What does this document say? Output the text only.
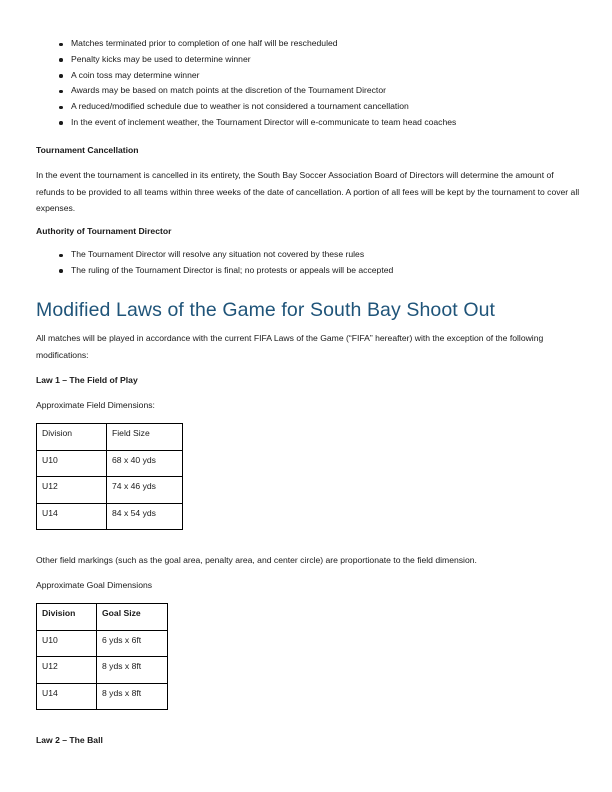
Matches terminated prior to completion of one half will be rescheduled
Penalty kicks may be used to determine winner
A coin toss may determine winner
Awards may be based on match points at the discretion of the Tournament Director
A reduced/modified schedule due to weather is not considered a tournament cancellation
In the event of inclement weather, the Tournament Director will e-communicate to team head coaches
Tournament Cancellation
In the event the tournament is cancelled in its entirety, the South Bay Soccer Association Board of Directors will determine the amount of refunds to be provided to all teams within three weeks of the date of cancellation. A portion of all fees will be kept by the tournament to cover all expenses.
Authority of Tournament Director
The Tournament Director will resolve any situation not covered by these rules
The ruling of the Tournament Director is final; no protests or appeals will be accepted
Modified Laws of the Game for South Bay Shoot Out
All matches will be played in accordance with the current FIFA Laws of the Game (“FIFA” hereafter) with the exception of the following modifications:
Law 1 – The Field of Play
Approximate Field Dimensions:
Division	Field Size
U10	68 x 40 yds
U12	74 x 46 yds
U14	84 x 54 yds
Other field markings (such as the goal area, penalty area, and center circle) are proportionate to the field dimension.
Approximate Goal Dimensions
Division	Goal Size
U10	6 yds x 6ft
U12	8 yds x 8ft
U14	8 yds x 8ft
Law 2 – The Ball
